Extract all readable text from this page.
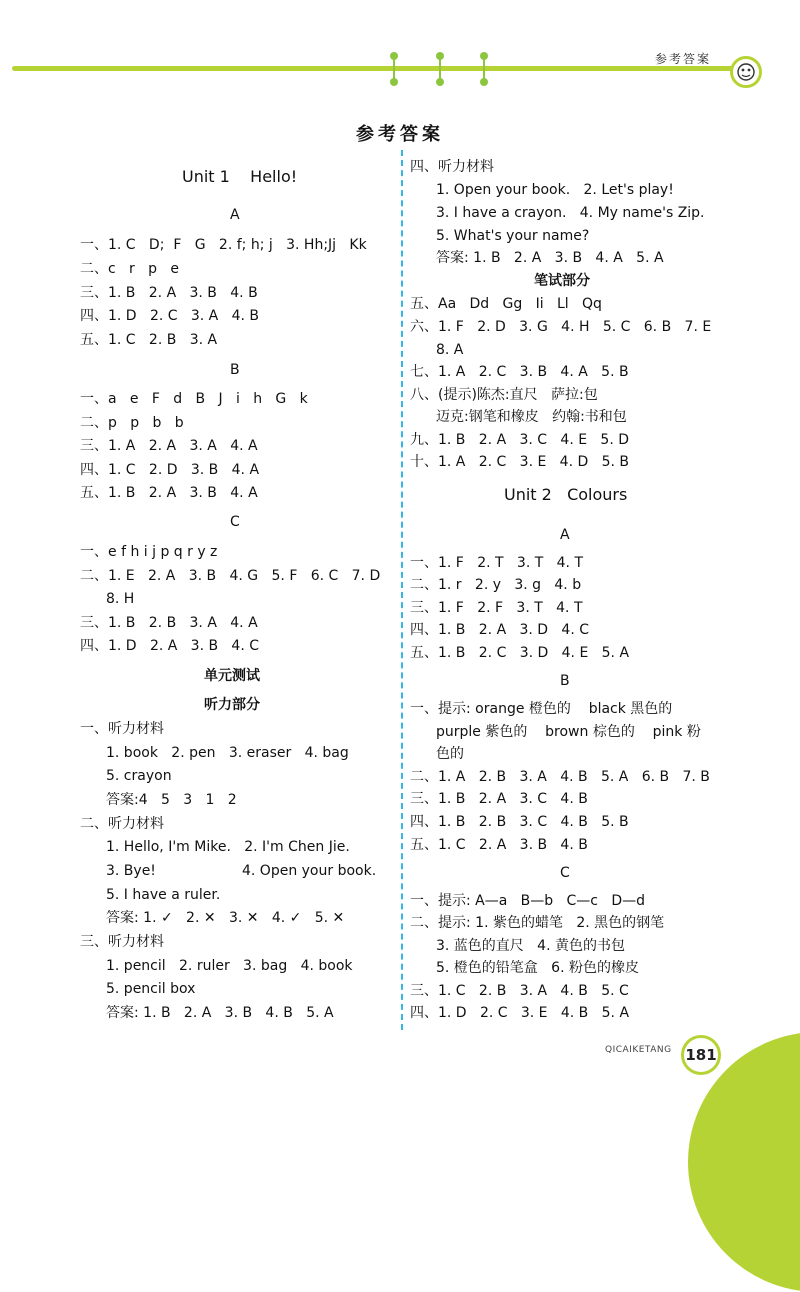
参考答案
参考答案
Unit 1    Hello!
A
一、1. C   D;  F   G   2. f; h; j   3. Hh;Jj   Kk
二、c   r   p   e
三、1. B   2. A   3. B   4. B
四、1. D   2. C   3. A   4. B
五、1. C   2. B   3. A
B
一、a   e   F   d   B   J   i   h   G   k
二、p   p   b   b
三、1. A   2. A   3. A   4. A
四、1. C   2. D   3. B   4. A
五、1. B   2. A   3. B   4. A
C
一、e f h i j p q r y z
二、1. E   2. A   3. B   4. G   5. F   6. C   7. D
8. H
三、1. B   2. B   3. A   4. A
四、1. D   2. A   3. B   4. C
单元测试
听力部分
一、听力材料
1. book   2. pen   3. eraser   4. bag
5. crayon
答案:4   5   3   1   2
二、听力材料
1. Hello, I'm Mike.   2. I'm Chen Jie.
3. Bye!	4. Open your book.
5. I have a ruler.
答案: 1. ✓   2. ✕   3. ✕   4. ✓   5. ✕
三、听力材料
1. pencil   2. ruler   3. bag   4. book
5. pencil box
答案: 1. B   2. A   3. B   4. B   5. A
四、听力材料
1. Open your book.   2. Let's play!
3. I have a crayon.   4. My name's Zip.
5. What's your name?
答案: 1. B   2. A   3. B   4. A   5. A
笔试部分
五、Aa   Dd   Gg   Ii   Ll   Qq
六、1. F   2. D   3. G   4. H   5. C   6. B   7. E
8. A
七、1. A   2. C   3. B   4. A   5. B
八、(提示)陈杰:直尺   萨拉:包
迈克:钢笔和橡皮   约翰:书和包
九、1. B   2. A   3. C   4. E   5. D
十、1. A   2. C   3. E   4. D   5. B
Unit 2   Colours
A
一、1. F   2. T   3. T   4. T
二、1. r   2. y   3. g   4. b
三、1. F   2. F   3. T   4. T
四、1. B   2. A   3. D   4. C
五、1. B   2. C   3. D   4. E   5. A
B
一、提示: orange 橙色的    black 黑色的
purple 紫色的    brown 棕色的    pink 粉
色的
二、1. A   2. B   3. A   4. B   5. A   6. B   7. B
三、1. B   2. A   3. C   4. B
四、1. B   2. B   3. C   4. B   5. B
五、1. C   2. A   3. B   4. B
C
一、提示: A—a   B—b   C—c   D—d
二、提示: 1. 紫色的蜡笔   2. 黑色的钢笔
3. 蓝色的直尺   4. 黄色的书包
5. 橙色的铅笔盒   6. 粉色的橡皮
三、1. C   2. B   3. A   4. B   5. C
四、1. D   2. C   3. E   4. B   5. A
QICAIKETANG 181
